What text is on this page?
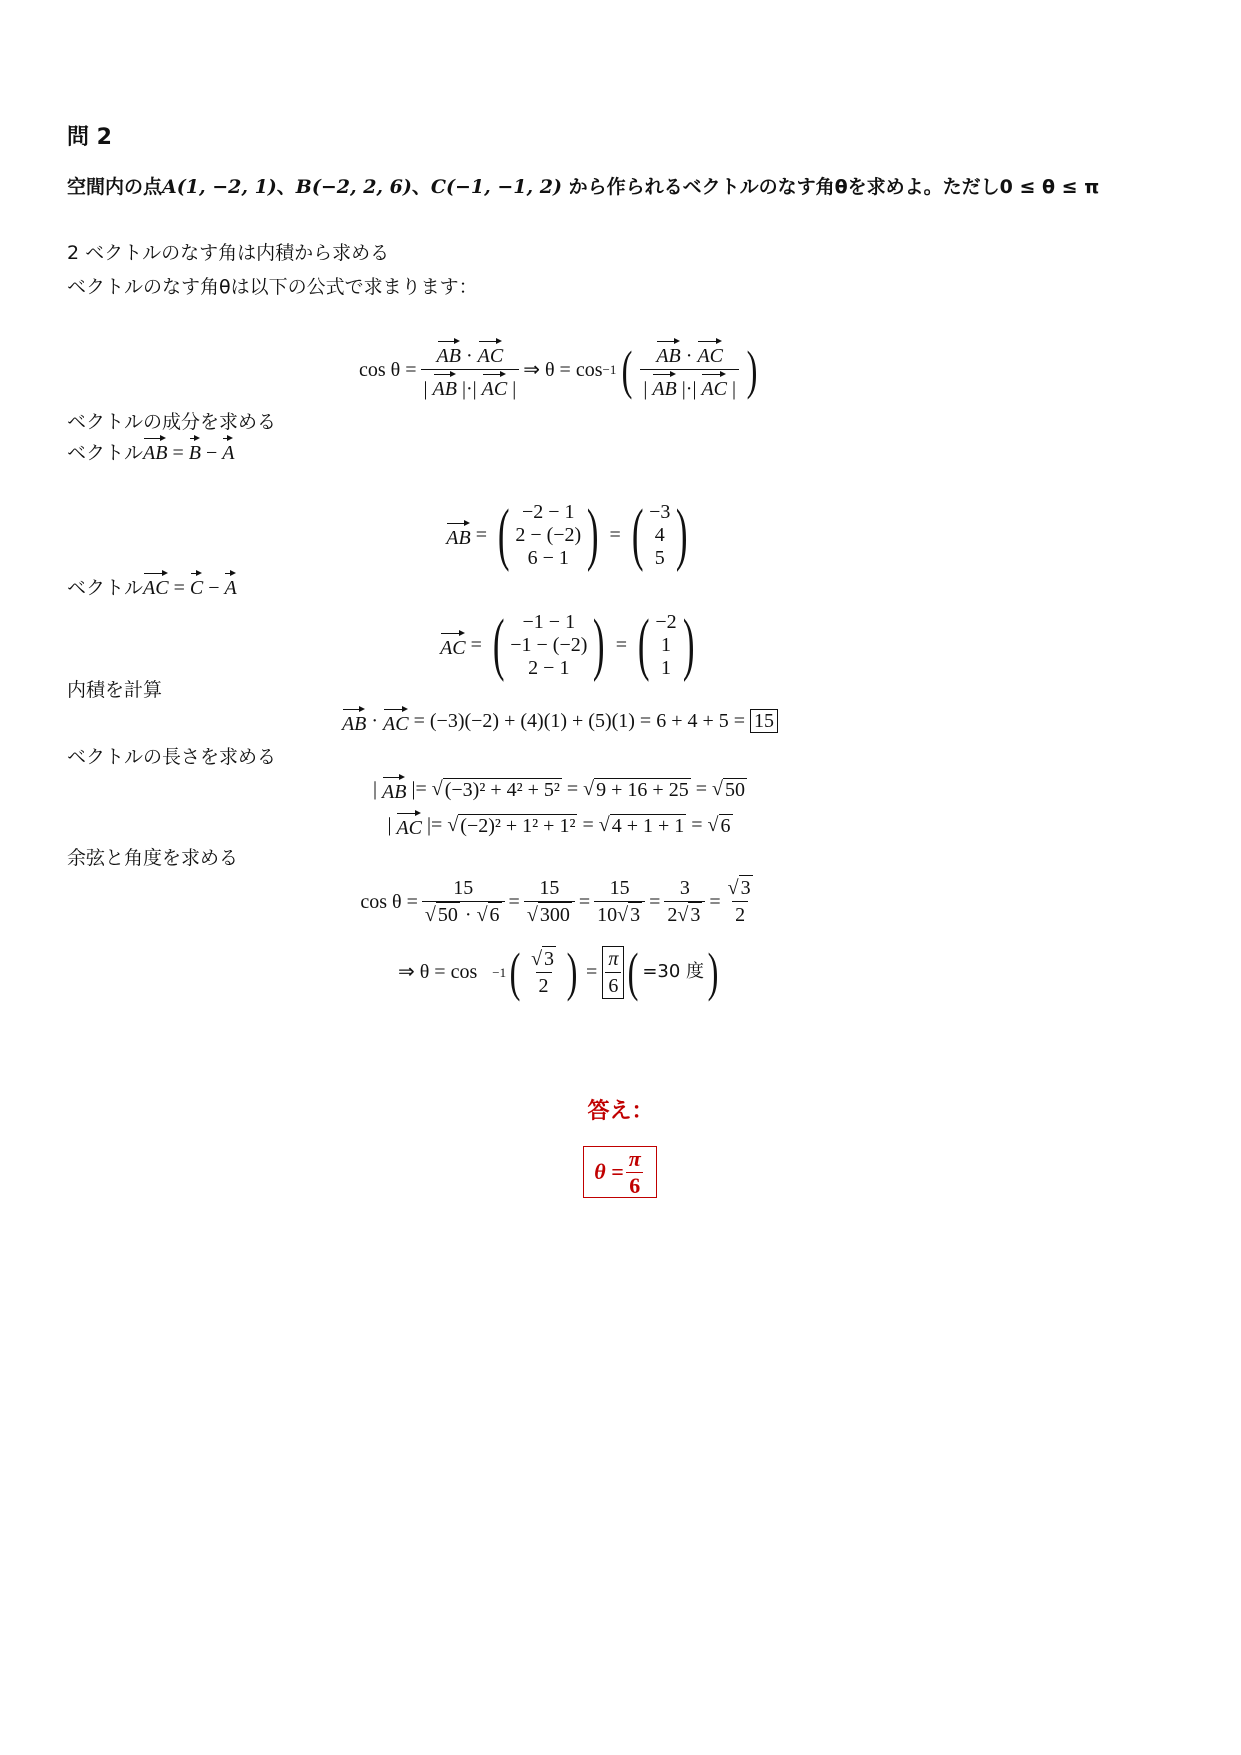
問 2
空間内の点A(1, −2, 1)、B(−2, 2, 6)、C(−1, −1, 2) から作られるベクトルのなす角θを求めよ。ただし0 ≤ θ ≤ π
2 ベクトルのなす角は内積から求める
ベクトルのなす角θは以下の公式で求まります：
$\cos \theta = \frac{AB \cdot AC}{| AB |\cdot| AC |}$ ⇒ θ = cos −1 ( $\frac{AB \cdot AC}{| AB |\cdot| AC |}$ )
ベクトルの成分を求める
ベクトルAB = B − A
AB = ( −2 − 1
2 − (−2)
6 − 1 ) = ( −3
4
5 )
ベクトルAC = C − A
AC = ( −1 − 1
−1 − (−2)
2 − 1 ) = ( −2
1
1 )
内積を計算
AB
·
AC
= (−3)(−2) + (4)(1) + (5)(1) = 6 + 4 + 5 =
15
ベクトルの長さを求める
| AB |= √ (−3)² + 4² + 5² = √ 9 + 16 + 25 = √ 50
| AC |= √ (−2)² + 1² + 1² = √ 4 + 1 + 1 = √ 6
余弦と角度を求める
$\cos \theta = \frac{15}{√ 50 \cdot √ 6} = \frac{15}{√ 300} = \frac{15}{10√ 3} = \frac{3}{2√ 3} = \frac{√ 3}{2}$
⇒ θ = cos
−1 ( $\frac{√ 3}{2}$ ) = $\frac{\pi}{6}$ ( =30 度 )
答え：
$\theta = \frac{\pi}{6}$
